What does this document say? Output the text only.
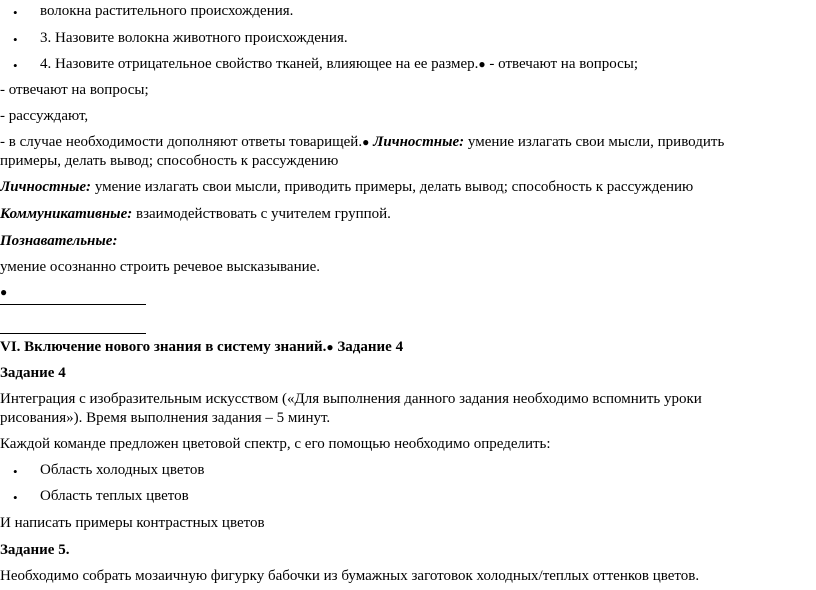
• волокна растительного происхождения.
• 3. Назовите волокна животного происхождения.
• 4. Назовите отрицательное свойство тканей, влияющее на ее размер.● - отвечают на вопросы;
- отвечают на вопросы;
- рассуждают,
- в случае необходимости дополняют ответы товарищей.● Личностные: умение излагать свои мысли, приводить
примеры, делать вывод; способность к рассуждению
Личностные: умение излагать свои мысли, приводить примеры, делать вывод; способность к рассуждению
Коммуникативные: взаимодействовать с учителем группой.
Познавательные:
умение осознанно строить речевое высказывание.
●
VI. Включение нового знания в систему знаний.● Задание 4
Задание 4
Интеграция с изобразительным искусством («Для выполнения данного задания необходимо вспомнить уроки
рисования»). Время выполнения задания – 5 минут.
Каждой команде предложен цветовой спектр, с его помощью необходимо определить:
• Область холодных цветов
• Область теплых цветов
И написать примеры контрастных цветов
Задание 5.
Необходимо собрать мозаичную фигурку бабочки из бумажных заготовок холодных/теплых оттенков цветов.
